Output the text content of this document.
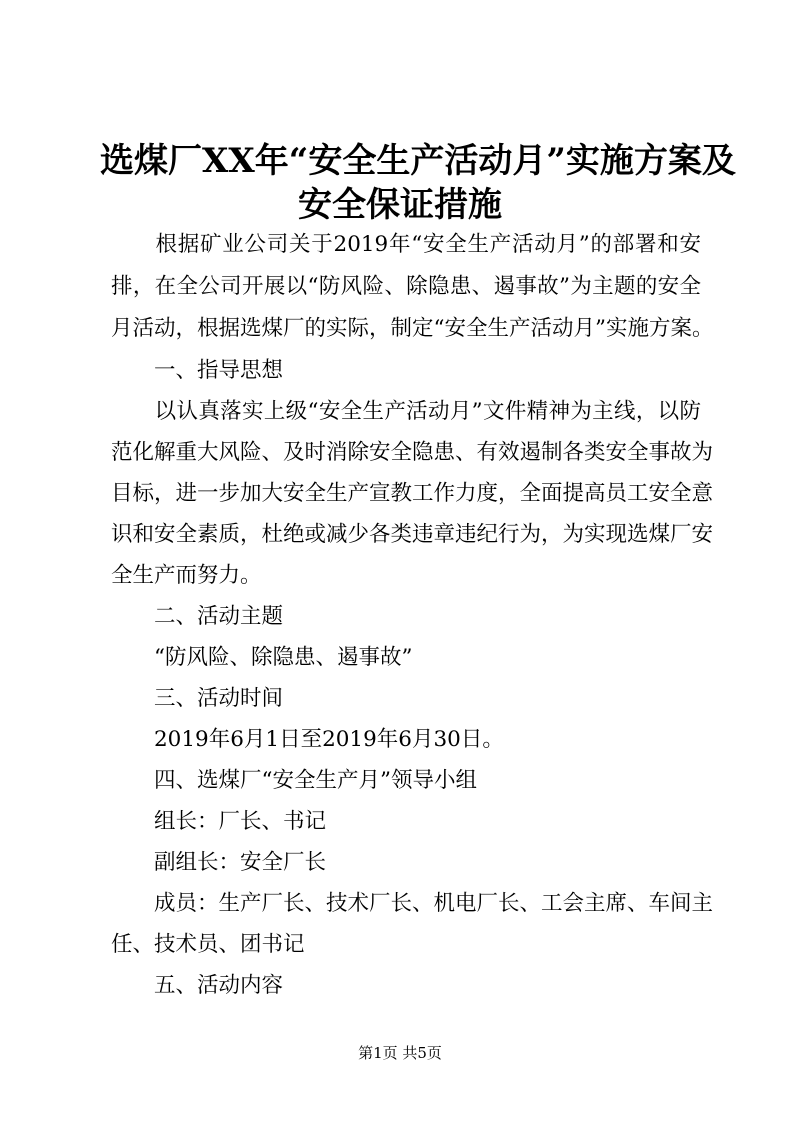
选煤厂XX年“安全生产活动月”实施方案及
安全保证措施
　　根据矿业公司关于2019年“安全生产活动月”的部署和安
排，在全公司开展以“防风险、除隐患、遏事故”为主题的安全
月活动，根据选煤厂的实际，制定“安全生产活动月”实施方案。
　　一、指导思想
　　以认真落实上级“安全生产活动月”文件精神为主线，以防
范化解重大风险、及时消除安全隐患、有效遏制各类安全事故为
目标，进一步加大安全生产宣教工作力度，全面提高员工安全意
识和安全素质，杜绝或减少各类违章违纪行为，为实现选煤厂安
全生产而努力。
　　二、活动主题
　　“防风险、除隐患、遏事故”
　　三、活动时间
　　2019年6月1日至2019年6月30日。
　　四、选煤厂“安全生产月”领导小组
　　组长：厂长、书记
　　副组长：安全厂长
　　成员：生产厂长、技术厂长、机电厂长、工会主席、车间主
任、技术员、团书记
　　五、活动内容
第1页 共5页
